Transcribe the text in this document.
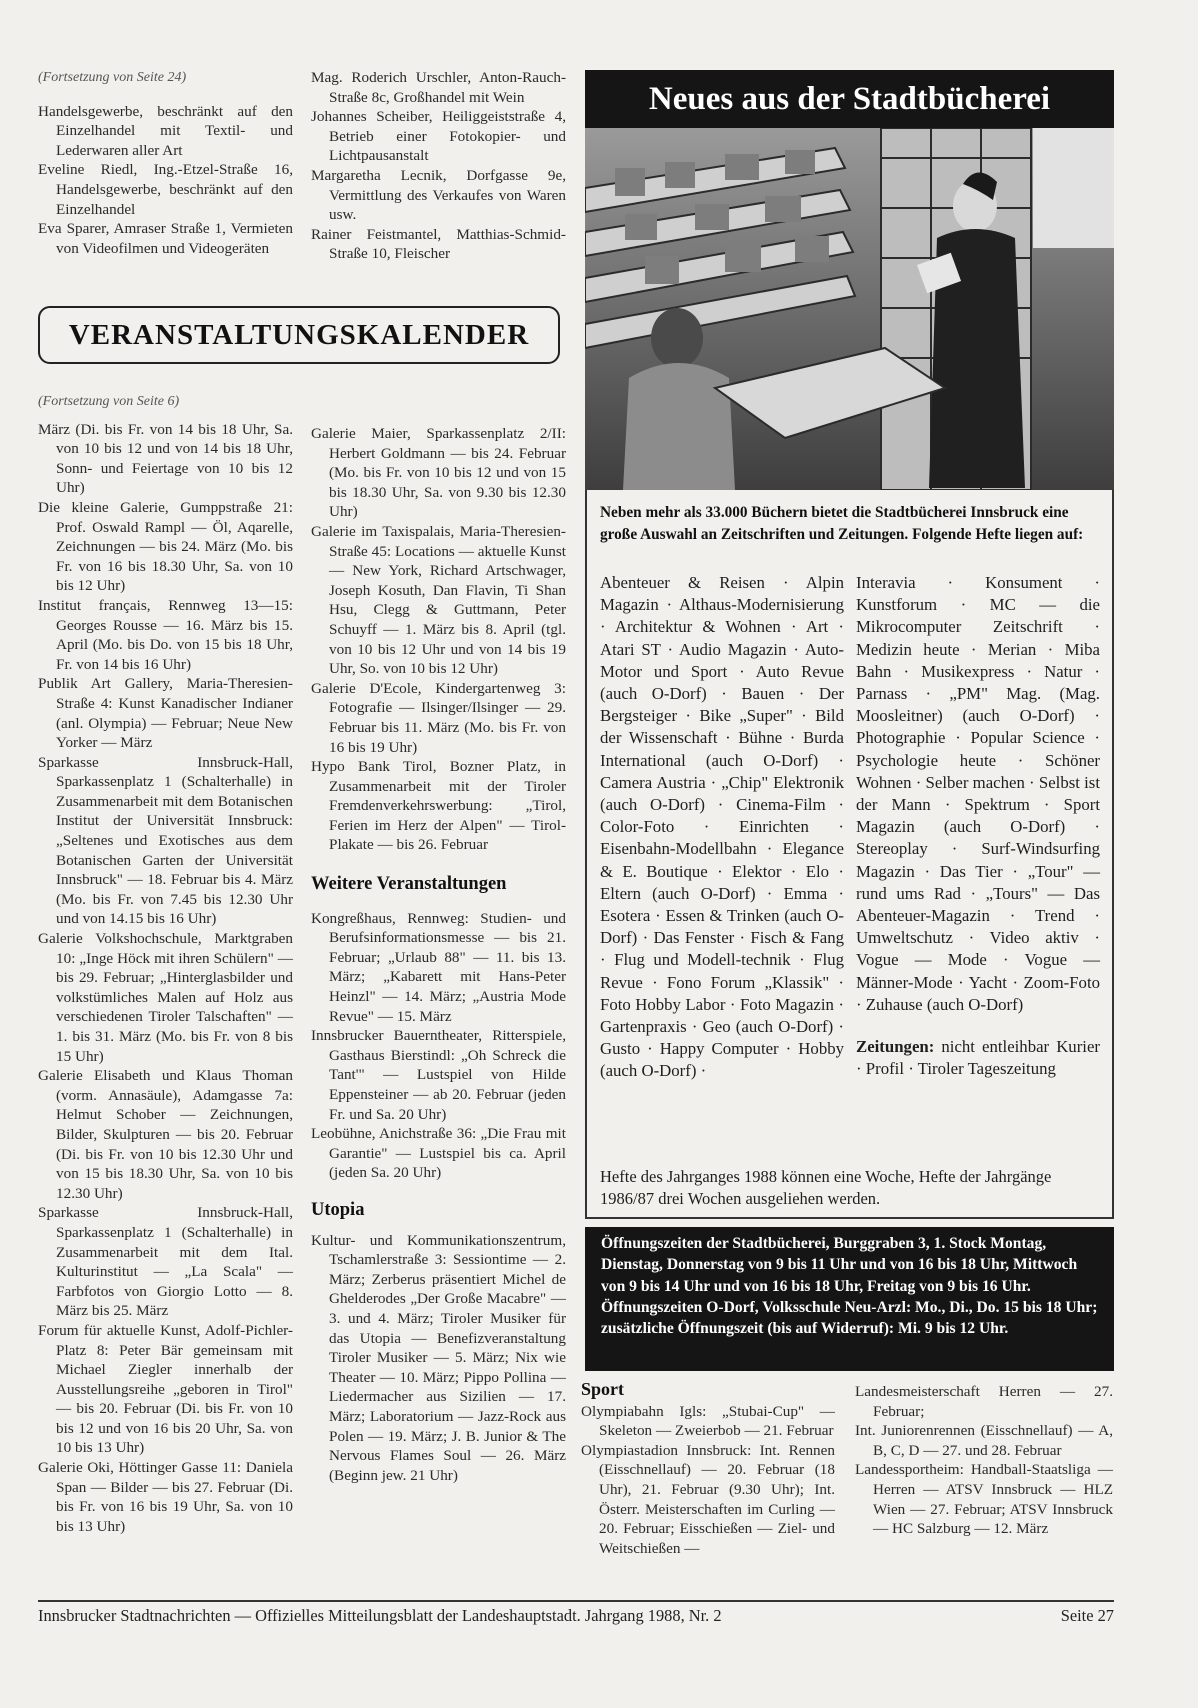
(Fortsetzung von Seite 24)

Handelsgewerbe, beschränkt auf den Einzelhandel mit Textil- und Lederwaren aller Art

Eveline Riedl, Ing.-Etzel-Straße 16, Handelsgewerbe, beschränkt auf den Einzelhandel

Eva Sparer, Amraser Straße 1, Vermieten von Videofilmen und Videogeräten

Mag. Roderich Urschler, Anton-Rauch-Straße 8c, Großhandel mit Wein

Johannes Scheiber, Heiliggeiststraße 4, Betrieb einer Fotokopier- und Lichtpausanstalt

Margaretha Lecnik, Dorfgasse 9e, Vermittlung des Verkaufes von Waren usw.

Rainer Feistmantel, Matthias-Schmid-Straße 10, Fleischer

VERANSTALTUNGSKALENDER

(Fortsetzung von Seite 6)

März (Di. bis Fr. von 14 bis 18 Uhr, Sa. von 10 bis 12 und von 14 bis 18 Uhr, Sonn- und Feiertage von 10 bis 12 Uhr)

Die kleine Galerie, Gumppstraße 21: Prof. Oswald Rampl — Öl, Aqarelle, Zeichnungen — bis 24. März (Mo. bis Fr. von 16 bis 18.30 Uhr, Sa. von 10 bis 12 Uhr)

Institut français, Rennweg 13—15: Georges Rousse — 16. März bis 15. April (Mo. bis Do. von 15 bis 18 Uhr, Fr. von 14 bis 16 Uhr)

Publik Art Gallery, Maria-Theresien-Straße 4: Kunst Kanadischer Indianer (anl. Olympia) — Februar; Neue New Yorker — März

Sparkasse Innsbruck-Hall, Sparkassenplatz 1 (Schalterhalle) in Zusammenarbeit mit dem Botanischen Institut der Universität Innsbruck: „Seltenes und Exotisches aus dem Botanischen Garten der Universität Innsbruck" — 18. Februar bis 4. März (Mo. bis Fr. von 7.45 bis 12.30 Uhr und von 14.15 bis 16 Uhr)

Galerie Volkshochschule, Marktgraben 10: „Inge Höck mit ihren Schülern" — bis 29. Februar; „Hinterglasbilder und volkstümliches Malen auf Holz aus verschiedenen Tiroler Talschaften" — 1. bis 31. März (Mo. bis Fr. von 8 bis 15 Uhr)

Galerie Elisabeth und Klaus Thoman (vorm. Annasäule), Adamgasse 7a: Helmut Schober — Zeichnungen, Bilder, Skulpturen — bis 20. Februar (Di. bis Fr. von 10 bis 12.30 Uhr und von 15 bis 18.30 Uhr, Sa. von 10 bis 12.30 Uhr)

Sparkasse Innsbruck-Hall, Sparkassenplatz 1 (Schalterhalle) in Zusammenarbeit mit dem Ital. Kulturinstitut — „La Scala" — Farbfotos von Giorgio Lotto — 8. März bis 25. März

Forum für aktuelle Kunst, Adolf-Pichler-Platz 8: Peter Bär gemeinsam mit Michael Ziegler innerhalb der Ausstellungsreihe „geboren in Tirol" — bis 20. Februar (Di. bis Fr. von 10 bis 12 und von 16 bis 20 Uhr, Sa. von 10 bis 13 Uhr)

Galerie Oki, Höttinger Gasse 11: Daniela Span — Bilder — bis 27. Februar (Di. bis Fr. von 16 bis 19 Uhr, Sa. von 10 bis 13 Uhr)

Galerie Maier, Sparkassenplatz 2/II: Herbert Goldmann — bis 24. Februar (Mo. bis Fr. von 10 bis 12 und von 15 bis 18.30 Uhr, Sa. von 9.30 bis 12.30 Uhr)

Galerie im Taxispalais, Maria-Theresien-Straße 45: Locations — aktuelle Kunst — New York, Richard Artschwager, Joseph Kosuth, Dan Flavin, Ti Shan Hsu, Clegg & Guttmann, Peter Schuyff — 1. März bis 8. April (tgl. von 10 bis 12 Uhr und von 14 bis 19 Uhr, So. von 10 bis 12 Uhr)

Galerie D'Ecole, Kindergartenweg 3: Fotografie — Ilsinger/Ilsinger — 29. Februar bis 11. März (Mo. bis Fr. von 16 bis 19 Uhr)

Hypo Bank Tirol, Bozner Platz, in Zusammenarbeit mit der Tiroler Fremdenverkehrswerbung: „Tirol, Ferien im Herz der Alpen" — Tirol-Plakate — bis 26. Februar

Weitere Veranstaltungen

Kongreßhaus, Rennweg: Studien- und Berufsinformationsmesse — bis 21. Februar; „Urlaub 88" — 11. bis 13. März; „Kabarett mit Hans-Peter Heinzl" — 14. März; „Austria Mode Revue" — 15. März

Innsbrucker Bauerntheater, Ritterspiele, Gasthaus Bierstindl: „Oh Schreck die Tant'" — Lustspiel von Hilde Eppensteiner — ab 20. Februar (jeden Fr. und Sa. 20 Uhr)

Leobühne, Anichstraße 36: „Die Frau mit Garantie" — Lustspiel bis ca. April (jeden Sa. 20 Uhr)

Utopia

Kultur- und Kommunikationszentrum, Tschamlerstraße 3: Sessiontime — 2. März; Zerberus präsentiert Michel de Ghelderodes „Der Große Macabre" — 3. und 4. März; Tiroler Musiker für das Utopia — Benefizveranstaltung Tiroler Musiker — 5. März; Nix wie Theater — 10. März; Pippo Pollina — Liedermacher aus Sizilien — 17. März; Laboratorium — Jazz-Rock aus Polen — 19. März; J. B. Junior & The Nervous Flames Soul — 26. März (Beginn jew. 21 Uhr)

Neues aus der Stadtbücherei

Neben mehr als 33.000 Büchern bietet die Stadtbücherei Innsbruck eine große Auswahl an Zeitschriften und Zeitungen. Folgende Hefte liegen auf:

Abenteuer & Reisen · Alpin Magazin · Althaus-Modernisierung · Architektur & Wohnen · Art · Atari ST · Audio Magazin · Auto-Motor und Sport · Auto Revue (auch O-Dorf) · Bauen · Der Bergsteiger · Bike „Super" · Bild der Wissenschaft · Bühne · Burda International (auch O-Dorf) · Camera Austria · „Chip" Elektronik (auch O-Dorf) · Cinema-Film · Color-Foto · Einrichten · Eisenbahn-Modellbahn · Elegance & E. Boutique · Elektor · Elo · Eltern (auch O-Dorf) · Emma · Esotera · Essen & Trinken (auch O-Dorf) · Das Fenster · Fisch & Fang · Flug und Modell-technik · Flug Revue · Fono Forum „Klassik" · Foto Hobby Labor · Foto Magazin · Gartenpraxis · Geo (auch O-Dorf) · Gusto · Happy Computer · Hobby (auch O-Dorf) ·

Interavia · Konsument · Kunstforum · MC — die Mikrocomputer Zeitschrift · Medizin heute · Merian · Miba Bahn · Musikexpress · Natur · Parnass · „PM" Mag. (Mag. Moosleitner) (auch O-Dorf) · Photographie · Popular Science · Psychologie heute · Schöner Wohnen · Selber machen · Selbst ist der Mann · Spektrum · Sport Magazin (auch O-Dorf) · Stereoplay · Surf-Windsurfing Magazin · Das Tier · „Tour" — rund ums Rad · „Tours" — Das Abenteuer-Magazin · Trend · Umweltschutz · Video aktiv · Vogue — Mode · Vogue — Männer-Mode · Yacht · Zoom-Foto · Zuhause (auch O-Dorf)

Zeitungen: nicht entleihbar Kurier · Profil · Tiroler Tageszeitung

Hefte des Jahrganges 1988 können eine Woche, Hefte der Jahrgänge 1986/87 drei Wochen ausgeliehen werden.

Öffnungszeiten der Stadtbücherei, Burggraben 3, 1. Stock Montag, Dienstag, Donnerstag von 9 bis 11 Uhr und von 16 bis 18 Uhr, Mittwoch von 9 bis 14 Uhr und von 16 bis 18 Uhr, Freitag von 9 bis 16 Uhr.

Öffnungszeiten O-Dorf, Volksschule Neu-Arzl: Mo., Di., Do. 15 bis 18 Uhr; zusätzliche Öffnungszeit (bis auf Widerruf): Mi. 9 bis 12 Uhr.

Sport

Olympiabahn Igls: „Stubai-Cup" — Skeleton — Zweierbob — 21. Februar

Olympiastadion Innsbruck: Int. Rennen (Eisschnellauf) — 20. Februar (18 Uhr), 21. Februar (9.30 Uhr); Int. Österr. Meisterschaften im Curling — 20. Februar; Eisschießen — Ziel- und Weitschießen —

Landesmeisterschaft Herren — 27. Februar;

Int. Juniorenrennen (Eisschnellauf) — A, B, C, D — 27. und 28. Februar

Landessportheim: Handball-Staatsliga — Herren — ATSV Innsbruck — HLZ Wien — 27. Februar; ATSV Innsbruck — HC Salzburg — 12. März

Innsbrucker Stadtnachrichten — Offizielles Mitteilungsblatt der Landeshauptstadt. Jahrgang 1988, Nr. 2	Seite 27
